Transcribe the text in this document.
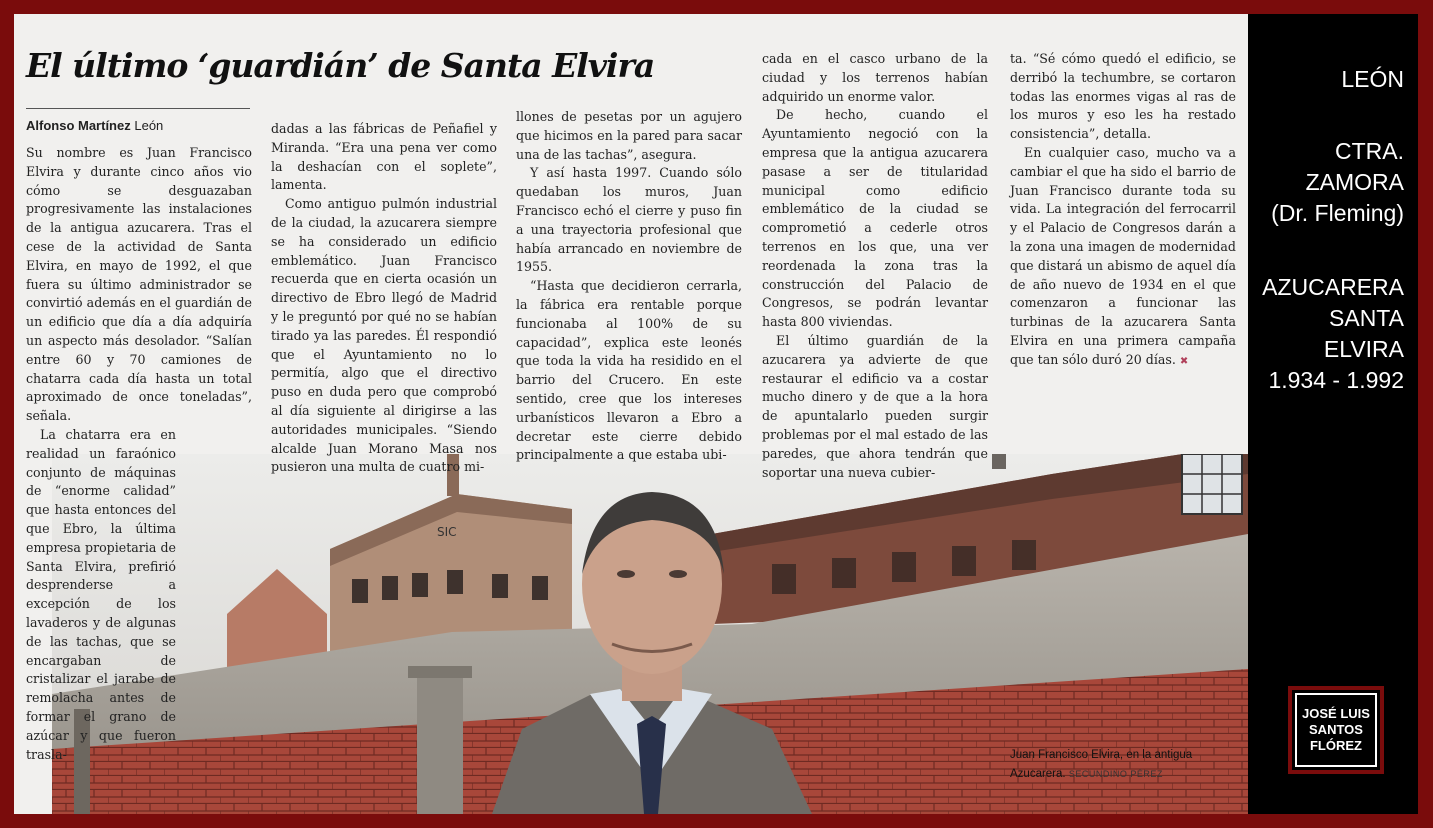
El último ‘guardián’ de Santa Elvira
Alfonso Martínez León
SIC

Su nombre es Juan Francisco Elvira y durante cinco años vio cómo se desguazaban progresivamente las instalaciones de la antigua azucarera. Tras el cese de la actividad de Santa Elvira, en mayo de 1992, el que fuera su último administrador se convirtió además en el guardián de un edificio que día a día adquiría un aspecto más desolador. “Salían entre 60 y 70 camiones de chatarra cada día hasta un total aproximado de once toneladas”, señala.

La chatarra era en realidad un faraónico conjunto de máquinas de “enorme calidad” que hasta entonces del que Ebro, la última empresa propietaria de Santa Elvira, prefirió desprenderse a excepción de los lavaderos y de algunas de las tachas, que se encargaban de cristalizar el jarabe de remolacha antes de formar el grano de azúcar y que fueron trasla-

dadas a las fábricas de Peñafiel y Miranda. “Era una pena ver como la deshacían con el soplete”, lamenta.

Como antiguo pulmón industrial de la ciudad, la azucarera siempre se ha considerado un edificio emblemático. Juan Francisco recuerda que en cierta ocasión un directivo de Ebro llegó de Madrid y le preguntó por qué no se habían tirado ya las paredes. Él respondió que el Ayuntamiento no lo permitía, algo que el directivo puso en duda pero que comprobó al día siguiente al dirigirse a las autoridades municipales. “Siendo alcalde Juan Morano Masa nos pusieron una multa de cuatro mi-

llones de pesetas por un agujero que hicimos en la pared para sacar una de las tachas”, asegura.

Y así hasta 1997. Cuando sólo quedaban los muros, Juan Francisco echó el cierre y puso fin a una trayectoria profesional que había arrancado en noviembre de 1955.

“Hasta que decidieron cerrarla, la fábrica era rentable porque funcionaba al 100% de su capacidad”, explica este leonés que toda la vida ha residido en el barrio del Crucero. En este sentido, cree que los intereses urbanísticos llevaron a Ebro a decretar este cierre debido principalmente a que estaba ubi-

cada en el casco urbano de la ciudad y los terrenos habían adquirido un enorme valor.

De hecho, cuando el Ayuntamiento negoció con la empresa que la antigua azucarera pasase a ser de titularidad municipal como edificio emblemático de la ciudad se comprometió a cederle otros terrenos en los que, una ver reordenada la zona tras la construcción del Palacio de Congresos, se podrán levantar hasta 800 viviendas.

El último guardián de la azucarera ya advierte de que restaurar el edificio va a costar mucho dinero y de que a la hora de apuntalarlo pueden surgir problemas por el mal estado de las paredes, que ahora tendrán que soportar una nueva cubier-

ta. “Sé cómo quedó el edificio, se derribó la techumbre, se cortaron todas las enormes vigas al ras de los muros y eso les ha restado consistencia”, detalla.

En cualquier caso, mucho va a cambiar el que ha sido el barrio de Juan Francisco durante toda su vida. La integración del ferrocarril y el Palacio de Congresos darán a la zona una imagen de modernidad que distará un abismo de aquel día de año nuevo de 1934 en el que comenzaron a funcionar las turbinas de la azucarera Santa Elvira en una primera campaña que tan sólo duró 20 días. ✖

Juan Francisco Elvira, en la antigua Azucarera. SECUNDINO PÉREZ
LEÓN
CTRA.
ZAMORA
(Dr. Fleming)
AZUCARERA
SANTA
ELVIRA
1.934 - 1.992
JOSÉ LUIS
SANTOS
FLÓREZ
